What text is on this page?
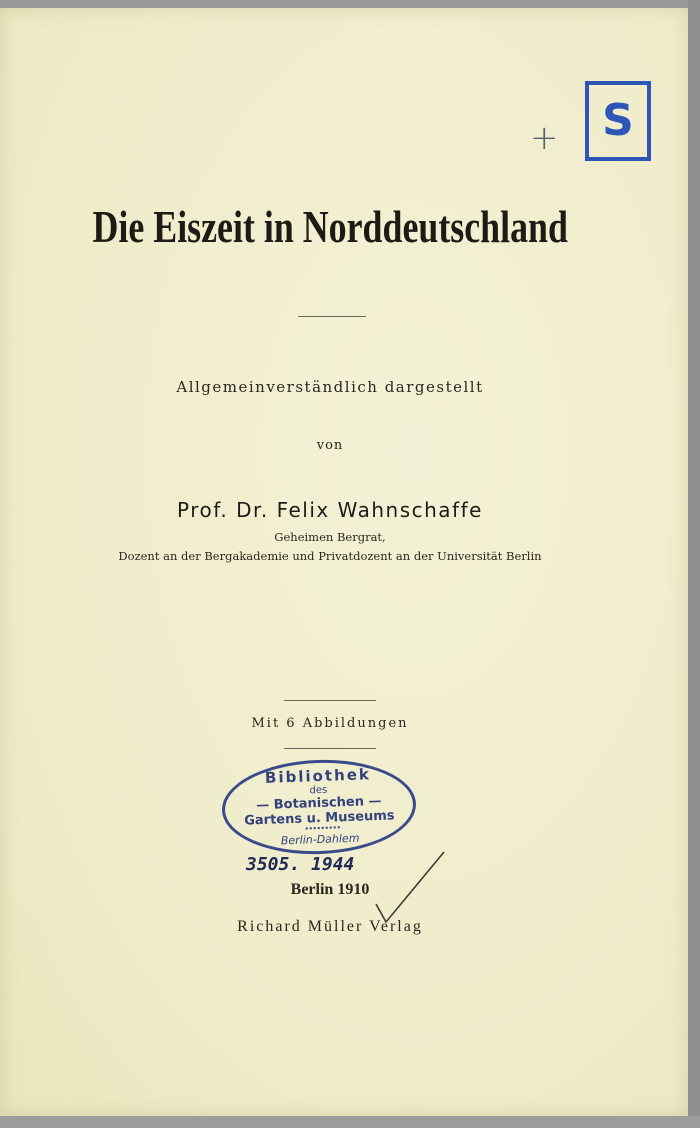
+ S
Die Eiszeit in Norddeutschland
Allgemeinverständlich dargestellt
von
Prof. Dr. Felix Wahnschaffe
Geheimen Bergrat,
Dozent an der Bergakademie und Privatdozent an der Universität Berlin
Mit 6 Abbildungen
Bibliothek
des
— Botanischen —
Gartens u. Museums
Berlin-Dahlem
3505. 1944
Berlin 1910
Richard Müller Verlag
